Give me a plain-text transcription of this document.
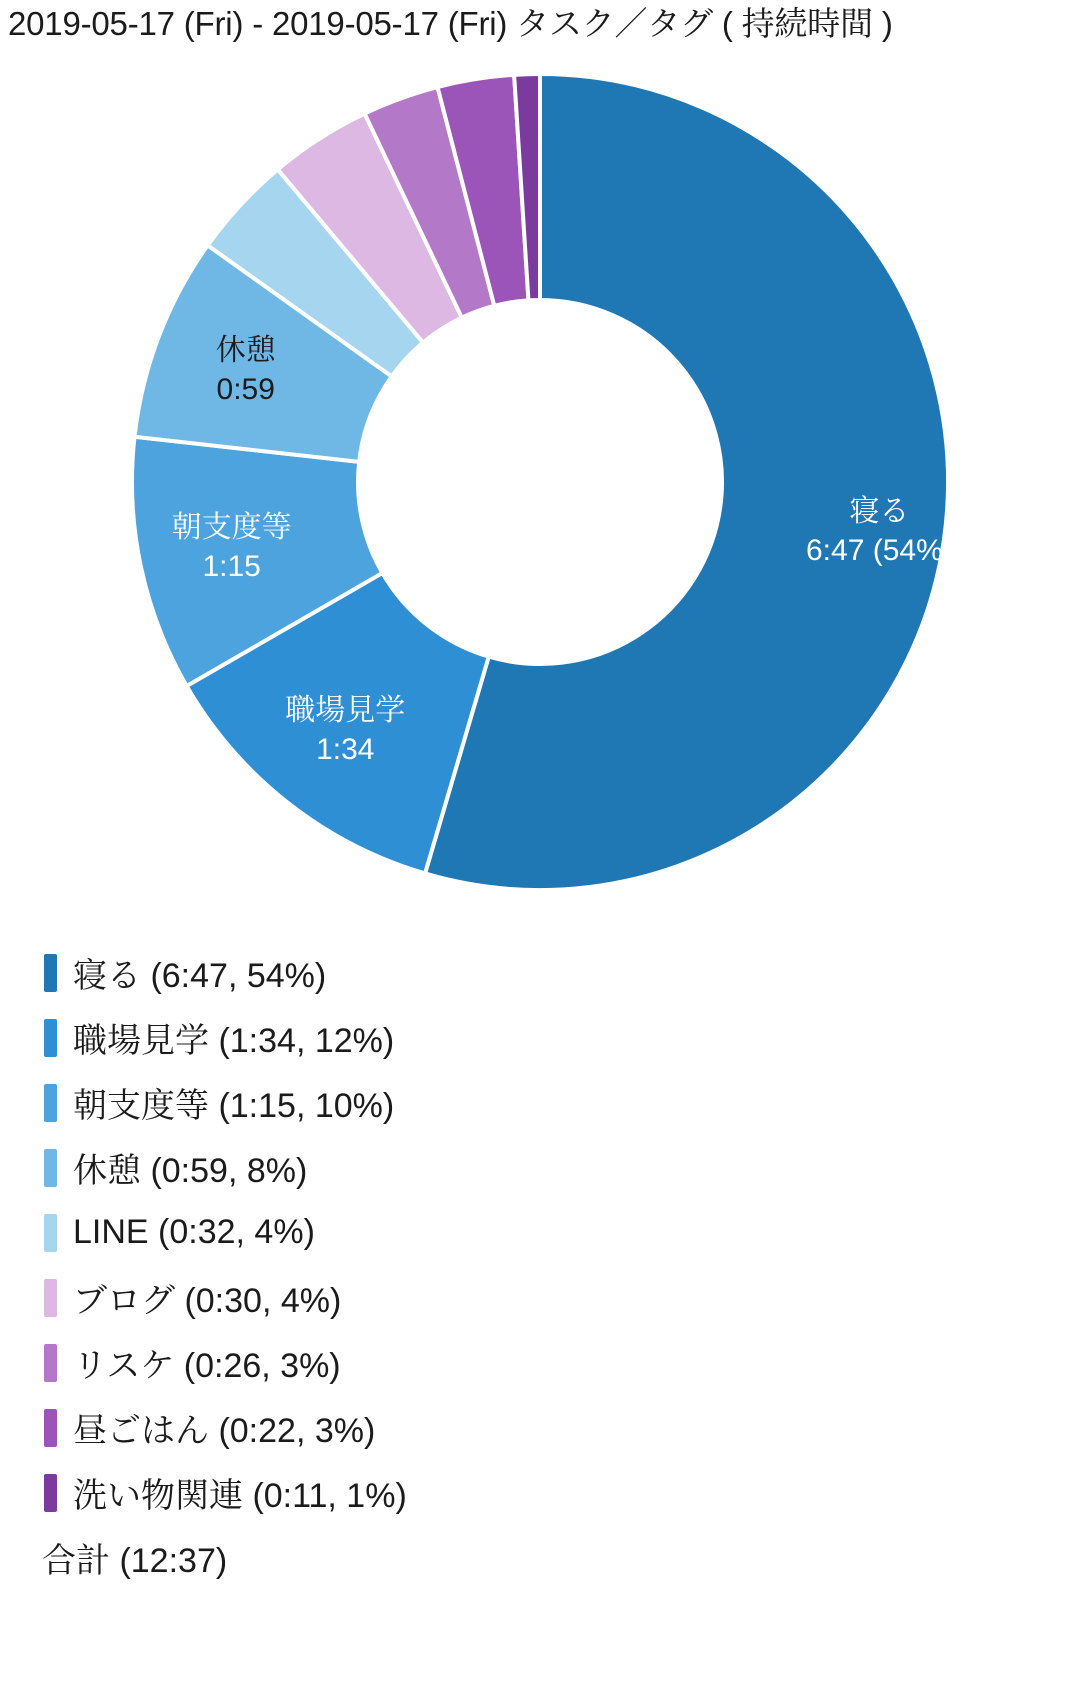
2019-05-17 (Fri) - 2019-05-17 (Fri) タスク／タグ ( 持続時間 )
寝る
6:47 (54%)
職場見学
1:34
朝支度等
1:15
休憩
0:59
寝る (6:47, 54%)
職場見学 (1:34, 12%)
朝支度等 (1:15, 10%)
休憩 (0:59, 8%)
LINE (0:32, 4%)
ブログ (0:30, 4%)
リスケ (0:26, 3%)
昼ごはん (0:22, 3%)
洗い物関連 (0:11, 1%)
合計 (12:37)
